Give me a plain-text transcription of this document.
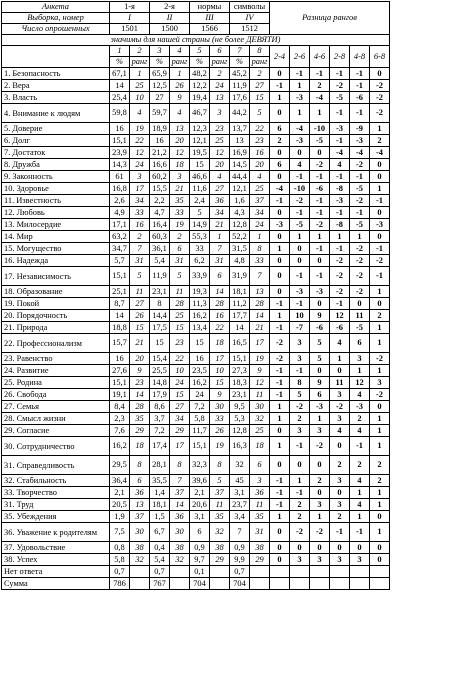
Анкета	1-я		2-я		нормы		символы		Разница рангов					
Выборка, номер	I		II		III		IV							
Число опрошенных	1501		1500		1566		1512							
значимы для нашей страны (не более ДЕВЯТИ)														
	1	2	3	4	5	6	7	8	2-4	2-6	4-6	2-8	4-8	6-8
	%	ранг	%	ранг	%	ранг	%	ранг						
1. Безопасность	67,1	1	65,9	1	48,2	2	45,2	2	0	-1	-1	-1	-1	0
2. Вера	14	25	12,5	26	12,2	24	11,9	27	-1	1	2	-2	-1	-2
3. Власть	25,4	10	27	9	19,4	13	17,6	15	1	-3	-4	-5	-6	-2
4. Внимание к людям	59,8	4	59,7	4	46,7	3	44,2	5	0	1	1	-1	-1	-2
5. Доверие	16	19	18,9	13	12,3	23	13,7	22	6	-4	-10	-3	-9	1
6. Долг	15,1	22	16	20	12,1	25	13	23	2	-3	-5	-1	-3	2
7. Достаток	23,9	12	21,2	12	19,5	12	16,9	16	0	0	0	-4	-4	-4
8. Дружба	14,3	24	16,6	18	15	20	14,5	20	6	4	-2	4	-2	0
9. Законность	61	3	60,2	3	46,6	4	44,4	4	0	-1	-1	-1	-1	0
10. Здоровье	16,8	17	15,5	21	11,6	27	12,1	25	-4	-10	-6	-8	-5	1
11. Известность	2,6	34	2,2	35	2,4	36	1,6	37	-1	-2	-1	-3	-2	-1
12. Любовь	4,9	33	4,7	33	5	34	4,3	34	0	-1	-1	-1	-1	0
13. Милосердие	17,1	16	16,4	19	14,9	21	12,8	24	-3	-5	-2	-8	-5	-3
14. Мир	63,2	2	60,3	2	55,3	1	52,2	1	0	1	1	1	1	0
15. Могущество	34,7	7	36,1	6	33	7	31,5	8	1	0	-1	-1	-2	-1
16. Надежда	5,7	31	5,4	31	6,2	31	4,8	33	0	0	0	-2	-2	-2
17. Независимость	15,1	5	11,9	5	33,9	6	31,9	7	0	-1	-1	-2	-2	-1
18. Образование	25,1	11	23,1	11	19,3	14	18,1	13	0	-3	-3	-2	-2	1
19. Покой	8,7	27	8	28	11,3	28	11,2	28	-1	-1	0	-1	0	0
20. Порядочность	14	26	14,4	25	16,2	16	17,7	14	1	10	9	12	11	2
21. Природа	18,8	15	17,5	15	13,4	22	14	21	-1	-7	-6	-6	-5	1
22. Профессионализм	15,7	21	15	23	15	18	16,5	17	-2	3	5	4	6	1
23. Равенство	16	20	15,4	22	16	17	15,1	19	-2	3	5	1	3	-2
24. Развитие	27,6	9	25,5	10	23,5	10	27,3	9	-1	-1	0	0	1	1
25. Родина	15,1	23	14,8	24	16,2	15	18,3	12	-1	8	9	11	12	3
26. Свобода	19,1	14	17,9	15	24	9	23,1	11	-1	5	6	3	4	-2
27. Семья	8,4	28	8,6	27	7,2	30	9,5	30	1	-2	-3	-2	-3	0
28. Смысл жизни	2,3	35	3,7	34	5,8	33	5,3	32	1	2	1	3	2	1
29. Согласие	7,6	29	7,2	29	11,7	26	12,8	25	0	3	3	4	4	1
30. Сотрудничество	16,2	18	17,4	17	15,1	19	16,3	18	1	-1	-2	0	-1	1
31. Справедливость	29,5	8	28,1	8	32,3	8	32	6	0	0	0	2	2	2
32. Стабильность	36,4	6	35,5	7	39,6	5	45	3	-1	1	2	3	4	2
33. Творчество	2,1	36	1,4	37	2,1	37	3,1	36	-1	-1	0	0	1	1
31. Труд	20,5	13	18,1	14	20,6	11	23,7	11	-1	2	3	3	4	1
35. Убеждения	1,9	37	1,5	36	3,1	35	3,4	35	1	2	1	2	1	0
36. Уважение к родителям	7,5	30	6,7	30	6	32	7	31	0	-2	-2	-1	-1	1
37. Удовольствие	0,8	38	0,4	38	0,9	38	0,9	38	0	0	0	0	0	0
38. Успех	5,8	32	5,4	32	9,7	29	9,9	29	0	3	3	3	3	0
Нет ответа	0,7		0,7		0,1		0,7							
Сумма	786		767		704		704							
